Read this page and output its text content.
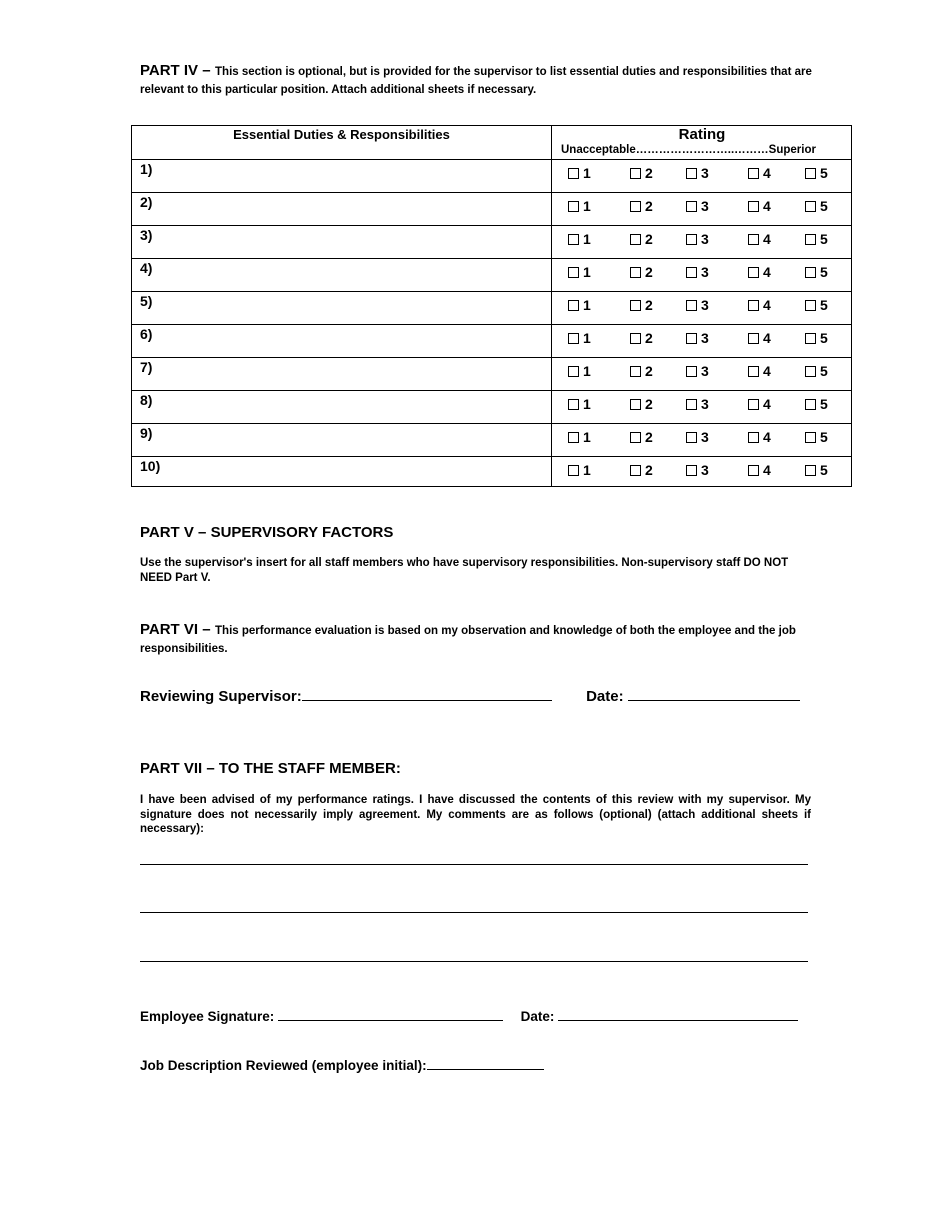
PART IV – This section is optional, but is provided for the supervisor to list essential duties and responsibilities that are relevant to this particular position. Attach additional sheets if necessary.
Essential Duties & Responsibilities	Rating
Unacceptable……………………..………Superior
1)	1	2	3	4	5
2)	1	2	3	4	5
3)	1	2	3	4	5
4)	1	2	3	4	5
5)	1	2	3	4	5
6)	1	2	3	4	5
7)	1	2	3	4	5
8)	1	2	3	4	5
9)	1	2	3	4	5
10)	1	2	3	4	5
PART V – SUPERVISORY FACTORS
Use the supervisor's insert for all staff members who have supervisory responsibilities. Non-supervisory staff DO NOT NEED Part V.
PART VI – This performance evaluation is based on my observation and knowledge of both the employee and the job responsibilities.
Reviewing Supervisor:	Date:
PART VII – TO THE STAFF MEMBER:
I have been advised of my performance ratings. I have discussed the contents of this review with my supervisor. My signature does not necessarily imply agreement. My comments are as follows (optional) (attach additional sheets if necessary):
Employee Signature:	Date:
Job Description Reviewed (employee initial):
